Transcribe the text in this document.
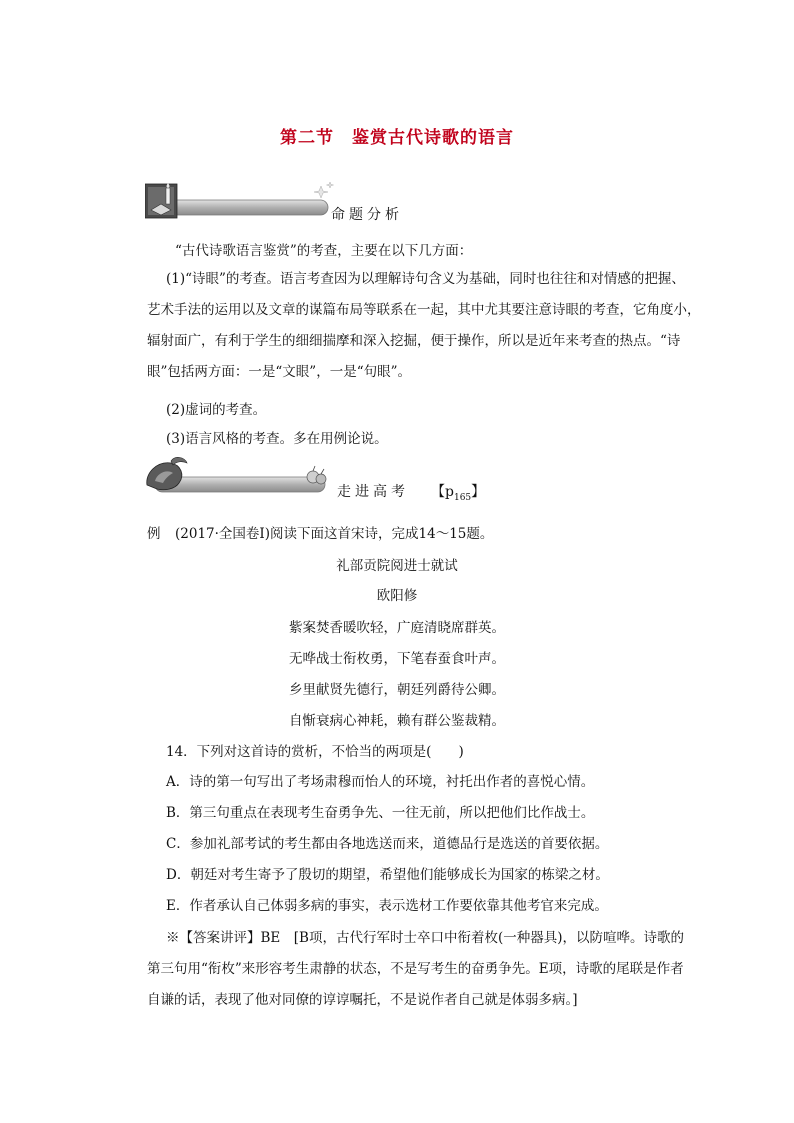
第二节 鉴赏古代诗歌的语言
命题分析
“古代诗歌语言鉴赏”的考查，主要在以下几方面：
(1)“诗眼”的考查。语言考查因为以理解诗句含义为基础，同时也往往和对情感的把握、
艺术手法的运用以及文章的谋篇布局等联系在一起，其中尤其要注意诗眼的考查，它角度小，
辐射面广，有利于学生的细细揣摩和深入挖掘，便于操作，所以是近年来考查的热点。“诗
眼”包括两方面：一是“文眼”，一是“句眼”。
(2)虚词的考查。
(3)语言风格的考查。多在用例论说。
走进高考 【$p_{165}$】
例 (2017·全国卷Ⅰ)阅读下面这首宋诗，完成14～15题。
礼部贡院阅进士就试
欧阳修
紫案焚香暖吹轻，广庭清晓席群英。
无哗战士衔枚勇，下笔春蚕食叶声。
乡里献贤先德行，朝廷列爵待公卿。
自惭衰病心神耗，赖有群公鉴裁精。
14．下列对这首诗的赏析，不恰当的两项是(　　)
A．诗的第一句写出了考场肃穆而怡人的环境，衬托出作者的喜悦心情。
B．第三句重点在表现考生奋勇争先、一往无前，所以把他们比作战士。
C．参加礼部考试的考生都由各地选送而来，道德品行是选送的首要依据。
D．朝廷对考生寄予了殷切的期望，希望他们能够成长为国家的栋梁之材。
E．作者承认自己体弱多病的事实，表示选材工作要依靠其他考官来完成。
※【答案讲评】BE　[B项，古代行军时士卒口中衔着枚(一种器具)，以防喧哗。诗歌的
第三句用“衔枚”来形容考生肃静的状态，不是写考生的奋勇争先。E项，诗歌的尾联是作者
自谦的话，表现了他对同僚的谆谆嘱托，不是说作者自己就是体弱多病。]
